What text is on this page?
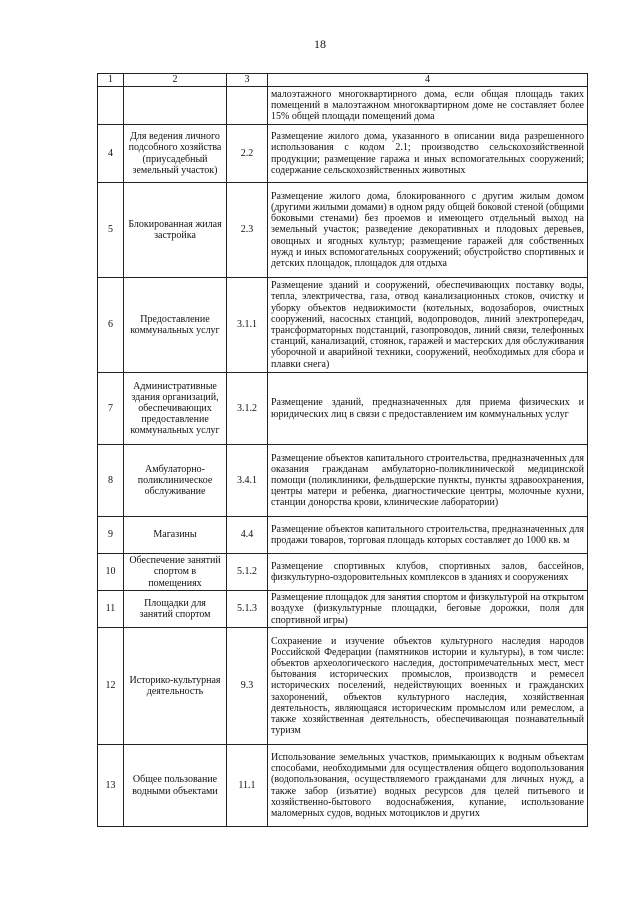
18
1	2	3	4
			малоэтажного многоквартирного дома, если общая площадь таких помещений в малоэтажном многоквартирном доме не составляет более 15% общей площади помещений дома
4	Для ведения личного подсобного хозяйства (приусадебный земельный участок)	2.2	Размещение жилого дома, указанного в описании вида разрешенного использования с кодом 2.1; производство сельскохозяйственной продукции; размещение гаража и иных вспомогательных сооружений; содержание сельскохозяйственных животных
5	Блокированная жилая застройка	2.3	Размещение жилого дома, блокированного с другим жилым домом (другими жилыми домами) в одном ряду общей боковой стеной (общими боковыми стенами) без проемов и имеющего отдельный выход на земельный участок; разведение декоративных и плодовых деревьев, овощных и ягодных культур; размещение гаражей для собственных нужд и иных вспомогательных сооружений; обустройство спортивных и детских площадок, площадок для отдыха
6	Предоставление коммунальных услуг	3.1.1	Размещение зданий и сооружений, обеспечивающих поставку воды, тепла, электричества, газа, отвод канализационных стоков, очистку и уборку объектов недвижимости (котельных, водозаборов, очистных сооружений, насосных станций, водопроводов, линий электропередач, трансформаторных подстанций, газопроводов, линий связи, телефонных станций, канализаций, стоянок, гаражей и мастерских для обслуживания уборочной и аварийной техники, сооружений, необходимых для сбора и плавки снега)
7	Административные здания организаций, обеспечивающих предоставление коммунальных услуг	3.1.2	Размещение зданий, предназначенных для приема физических и юридических лиц в связи с предоставлением им коммунальных услуг
8	Амбулаторно-поликлиническое обслуживание	3.4.1	Размещение объектов капитального строительства, предназначенных для оказания гражданам амбулаторно-поликлинической медицинской помощи (поликлиники, фельдшерские пункты, пункты здравоохранения, центры матери и ребенка, диагностические центры, молочные кухни, станции донорства крови, клинические лаборатории)
9	Магазины	4.4	Размещение объектов капитального строительства, предназначенных для продажи товаров, торговая площадь которых составляет до 1000 кв. м
10	Обеспечение занятий спортом в помещениях	5.1.2	Размещение спортивных клубов, спортивных залов, бассейнов, физкультурно-оздоровительных комплексов в зданиях и сооружениях
11	Площадки для занятий спортом	5.1.3	Размещение площадок для занятия спортом и физкультурой на открытом воздухе (физкультурные площадки, беговые дорожки, поля для спортивной игры)
12	Историко-культурная деятельность	9.3	Сохранение и изучение объектов культурного наследия народов Российской Федерации (памятников истории и культуры), в том числе: объектов археологического наследия, достопримечательных мест, мест бытования исторических промыслов, производств и ремесел исторических поселений, недействующих военных и гражданских захоронений, объектов культурного наследия, хозяйственная деятельность, являющаяся историческим промыслом или ремеслом, а также хозяйственная деятельность, обеспечивающая познавательный туризм
13	Общее пользование водными объектами	11.1	Использование земельных участков, примыкающих к водным объектам способами, необходимыми для осуществления общего водопользования (водопользования, осуществляемого гражданами для личных нужд, а также забор (изъятие) водных ресурсов для целей питьевого и хозяйственно-бытового водоснабжения, купание, использование маломерных судов, водных мотоциклов и других
